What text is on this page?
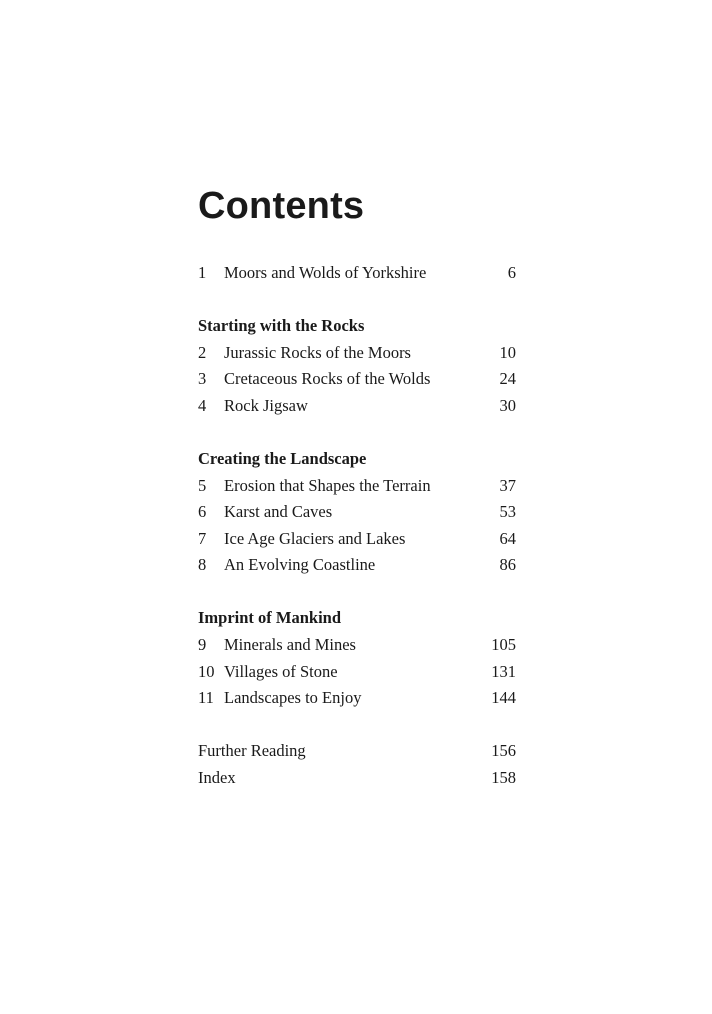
Contents
1	Moors and Wolds of Yorkshire	6
Starting with the Rocks
2	Jurassic Rocks of the Moors	10
3	Cretaceous Rocks of the Wolds	24
4	Rock Jigsaw	30
Creating the Landscape
5	Erosion that Shapes the Terrain	37
6	Karst and Caves	53
7	Ice Age Glaciers and Lakes	64
8	An Evolving Coastline	86
Imprint of Mankind
9	Minerals and Mines	105
10 Villages of Stone	131
11 Landscapes to Enjoy	144
Further Reading	156
Index	158
